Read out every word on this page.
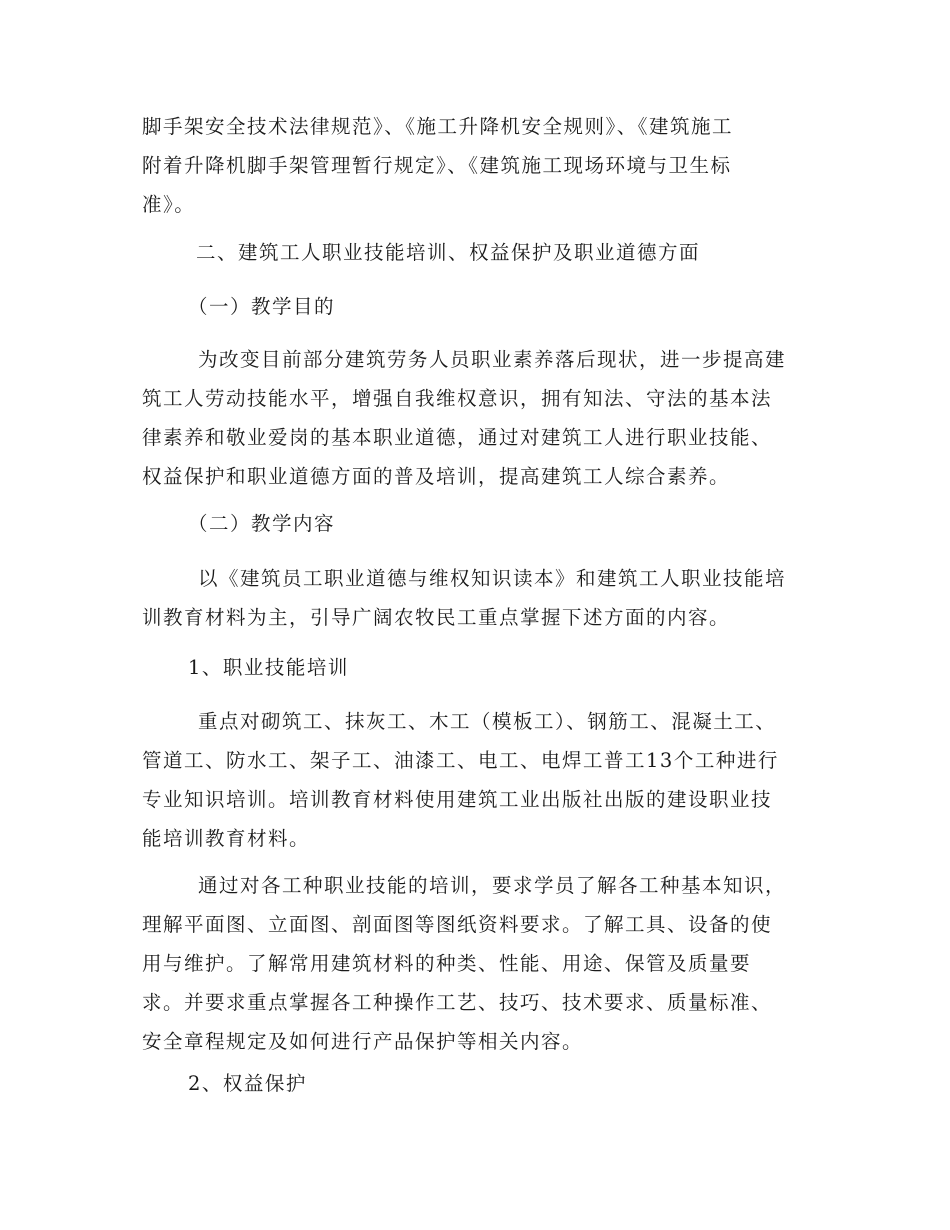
脚手架安全技术法律规范》、《施工升降机安全规则》、《建筑施工
附着升降机脚手架管理暂行规定》、《建筑施工现场环境与卫生标
准》。
二、建筑工人职业技能培训、权益保护及职业道德方面
（一）教学目的
为改变目前部分建筑劳务人员职业素养落后现状，进一步提高建
筑工人劳动技能水平，增强自我维权意识，拥有知法、守法的基本法
律素养和敬业爱岗的基本职业道德，通过对建筑工人进行职业技能、
权益保护和职业道德方面的普及培训，提高建筑工人综合素养。
（二）教学内容
以《建筑员工职业道德与维权知识读本》和建筑工人职业技能培
训教育材料为主，引导广阔农牧民工重点掌握下述方面的内容。
1、职业技能培训
重点对砌筑工、抹灰工、木工（模板工）、钢筋工、混凝土工、
管道工、防水工、架子工、油漆工、电工、电焊工普工13个工种进行
专业知识培训。培训教育材料使用建筑工业出版社出版的建设职业技
能培训教育材料。
通过对各工种职业技能的培训，要求学员了解各工种基本知识，
理解平面图、立面图、剖面图等图纸资料要求。了解工具、设备的使
用与维护。了解常用建筑材料的种类、性能、用途、保管及质量要
求。并要求重点掌握各工种操作工艺、技巧、技术要求、质量标准、
安全章程规定及如何进行产品保护等相关内容。
2、权益保护
